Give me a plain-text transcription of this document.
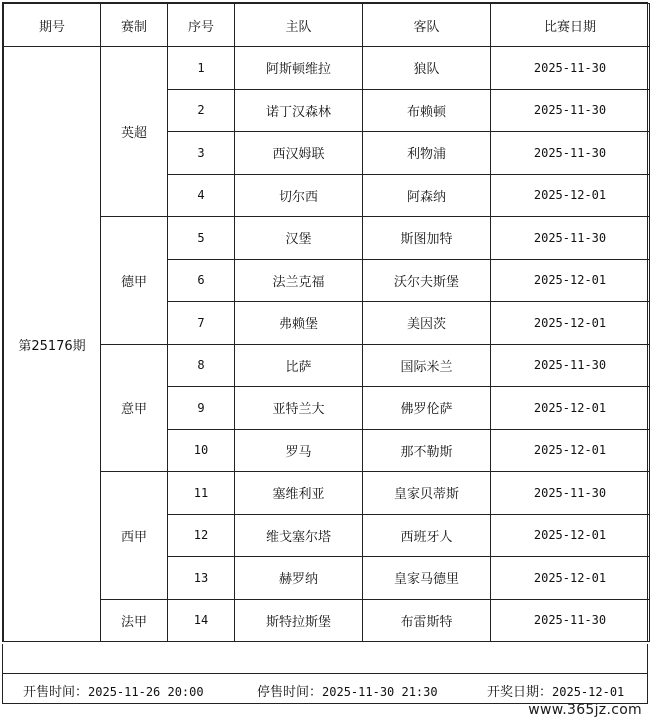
期号	赛制	序号	主队	客队	比赛日期
第25176期	英超	1	阿斯顿维拉	狼队	2025-11-30
		2	诺丁汉森林	布赖顿	2025-11-30
		3	西汉姆联	利物浦	2025-11-30
		4	切尔西	阿森纳	2025-12-01
	德甲	5	汉堡	斯图加特	2025-11-30
		6	法兰克福	沃尔夫斯堡	2025-12-01
		7	弗赖堡	美因茨	2025-12-01
	意甲	8	比萨	国际米兰	2025-11-30
		9	亚特兰大	佛罗伦萨	2025-12-01
		10	罗马	那不勒斯	2025-12-01
	西甲	11	塞维利亚	皇家贝蒂斯	2025-11-30
		12	维戈塞尔塔	西班牙人	2025-12-01
		13	赫罗纳	皇家马德里	2025-12-01
	法甲	14	斯特拉斯堡	布雷斯特	2025-11-30
开售时间：2025-11-26 20:00	停售时间：2025-11-30 21:30	开奖日期：2025-12-01
www.365jz.com
